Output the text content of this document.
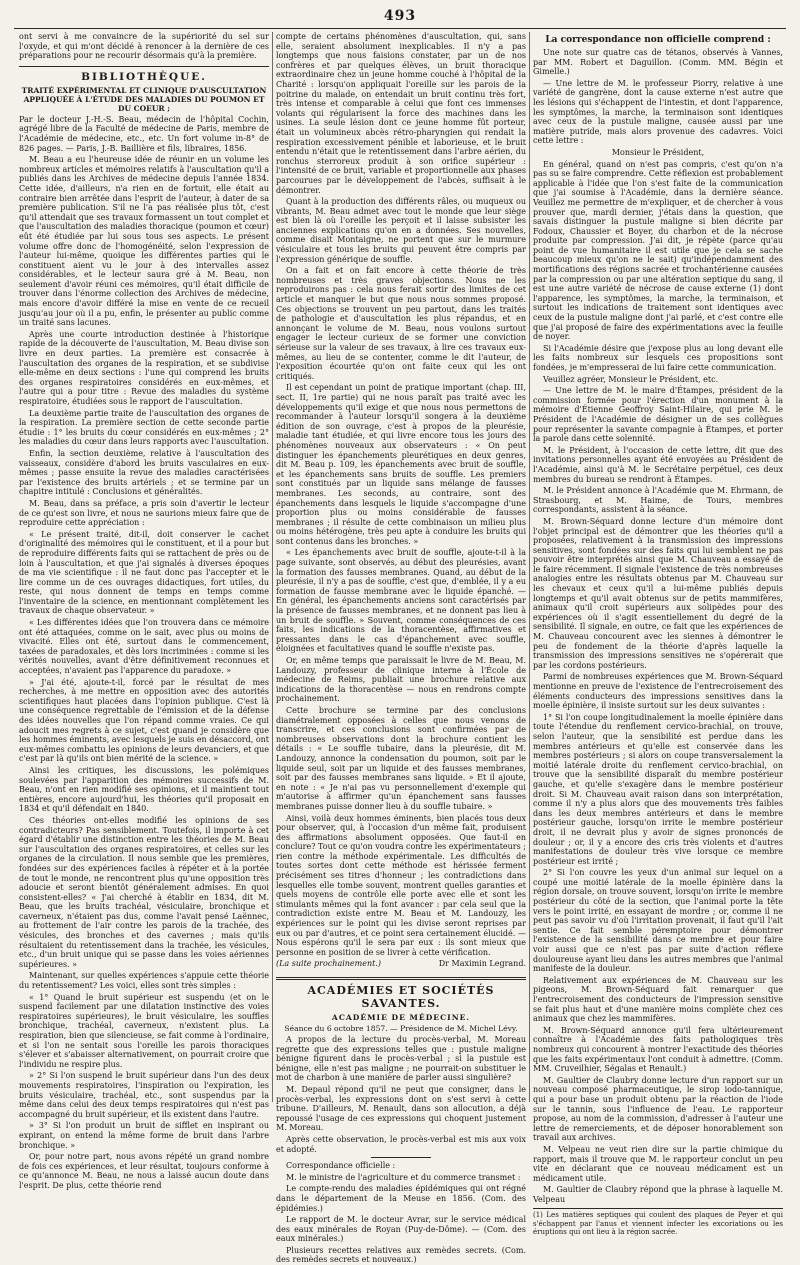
493

ont servi à me convaincre de la supériorité du sel sur l'oxyde, et qui m'ont décidé à renoncer à la dernière de ces préparations pour ne recourir désormais qu'à la première.

BIBLIOTHÈQUE.
TRAITÉ EXPÉRIMENTAL ET CLINIQUE D'AUSCULTATION APPLIQUÉE À L'ÉTUDE DES MALADIES DU POUMON ET DU COEUR ;

Par le docteur J.-H.-S. Beau, médecin de l'hôpital Cochin, agrégé libre de la Faculté de médecine de Paris, membre de l'Académie de médecine, etc., etc. Un fort volume in-8° de 826 pages. — Paris, J.-B. Baillière et fils, libraires, 1856.

M. Beau a eu l'heureuse idée de réunir en un volume les nombreux articles et mémoires relatifs à l'auscultation qu'il a publiés dans les Archives de médecine depuis l'année 1834. Cette idée, d'ailleurs, n'a rien en de fortuit, elle était au contraire bien arrêtée dans l'esprit de l'auteur, à dater de sa première publication. S'il ne l'a pas réalisée plus tôt, c'est qu'il attendait que ses travaux formassent un tout complet et que l'auscultation des maladies thoracique (poumon et cœur) eût été étudiée par lui sous tous ses aspects. Le présent volume offre donc de l'homogénéité, selon l'expression de l'auteur lui-même, quoique les différentes parties qui le constituent aient vu le jour à des intervalles assez considérables, et le lecteur saura gré à M. Beau, non seulement d'avoir réuni ces mémoires, qu'il était difficile de trouver dans l'énorme collection des Archives de médecine, mais encore d'avoir différé la mise en vente de ce recueil jusqu'au jour où il a pu, enfin, le présenter au public comme un traité sans lacunes.

Après une courte introduction destinée à l'historique rapide de la découverte de l'auscultation, M. Beau divise son livre en deux parties. La première est consacrée à l'auscultation des organes de la respiration, et se subdivise elle-même en deux sections : l'une qui comprend les bruits des organes respiratoires considérés en eux-mêmes, et l'autre qui a pour titre : Revue des maladies du système respiratoire, étudiées sous le rapport de l'auscultation.

La deuxième partie traite de l'auscultation des organes de la respiration. La première section de cette seconde partie étudie : 1° les bruits du cœur considérés en eux-mêmes ; 2° les maladies du cœur dans leurs rapports avec l'auscultation.

Enfin, la section deuxième, relative à l'auscultation des vaisseaux, considère d'abord les bruits vasculaires en eux-mêmes ; passe ensuite la revue des maladies caractérisées par l'existence des bruits artériels ; et se termine par un chapitre intitulé : Conclusions et généralités.

M. Beau, dans sa préface, a pris soin d'avertir le lecteur de ce qu'est son livre, et nous ne saurions mieux faire que de reproduire cette appréciation :

« Le présent traité, dit-il, doit conserver le cachet d'originalité des mémoires qui le constituent, et il a pour but de reproduire différents faits qui se rattachent de près ou de loin à l'auscultation, et que j'ai signalés à diverses époques de ma vie scientifique : il ne faut donc pas l'accepter et le lire comme un de ces ouvrages didactiques, fort utiles, du reste, qui nous donnent de temps en temps comme l'inventaire de la science, en mentionnant complètement les travaux de chaque observateur. »

« Les différentes idées que l'on trouvera dans ce mémoire ont été attaquées, comme on le sait, avec plus ou moins de vivacité. Elles ont été, surtout dans le commencement, taxées de paradoxales, et dès lors incriminées : comme si les vérités nouvelles, avant d'être définitivement reconnues et acceptées, n'avaient pas l'apparence du paradoxe. »

» J'ai été, ajoute-t-il, forcé par le résultat de mes recherches, à me mettre en opposition avec des autorités scientifiques haut placées dans l'opinion publique. C'est là une conséquence regrettable de l'émission et de la défense des idées nouvelles que l'on répand comme vraies. Ce qui adoucit mes regrets à ce sujet, c'est quand je considère que les hommes éminents, avec lesquels je suis en désaccord, ont eux-mêmes combattu les opinions de leurs devanciers, et que c'est par là qu'ils ont bien mérité de la science. »

Ainsi les critiques, les discussions, les polémiques soulevées par l'apparition des mémoires successifs de M. Beau, n'ont en rien modifié ses opinions, et il maintient tout entières, encore aujourd'hui, les théories qu'il proposait en 1834 et qu'il défendait en 1840.

Ces théories ont-elles modifié les opinions de ses contradicteurs? Pas sensiblement. Toutefois, il importe à cet égard d'établir une distinction entre les théories de M. Beau sur l'auscultation des organes respiratoires, et celles sur les organes de la circulation. Il nous semble que les premières, fondées sur des expériences faciles à répéter et à la portée de tout le monde, ne rencontrent plus qu'une opposition très adoucie et seront bientôt généralement admises. En quoi consistent-elles? « J'ai cherché à établir en 1834, dit M. Beau, que les bruits trachéal, vésiculaire, bronchique et caverneux, n'étaient pas dus, comme l'avait pensé Laënnec, au frottement de l'air contre les parois de la trachée, des vésicules, des bronches et des cavernes ; mais qu'ils résultaient du retentissement dans la trachée, les vésicules, etc., d'un bruit unique qui se passe dans les voies aériennes supérieures. »

Maintenant, sur quelles expériences s'appuie cette théorie du retentissement? Les voici, elles sont très simples :

« 1° Quand le bruit supérieur est suspendu (et on le suspend facilement par une dilatation instinctive des voies respiratoires supérieures), le bruit vésiculaire, les souffles bronchique, trachéal, caverneux, n'existent plus. La respiration, bien que silencieuse, se fait comme à l'ordinaire, et si l'on ne sentait sous l'oreille les parois thoraciques s'élever et s'abaisser alternativement, on pourrait croire que l'individu ne respire plus.

» 2° Si l'on suspend le bruit supérieur dans l'un des deux mouvements respiratoires, l'inspiration ou l'expiration, les bruits vésiculaire, trachéal, etc., sont suspendus par la même dans celui des deux temps respiratoires qui n'est pas accompagné du bruit supérieur, et ils existent dans l'autre.

» 3° Si l'on produit un bruit de sifflet en inspirant ou expirant, on entend la même forme de bruit dans l'arbre bronchique. »

Or, pour notre part, nous avons répété un grand nombre de fois ces expériences, et leur résultat, toujours conforme à ce qu'annonce M. Beau, ne nous a laissé aucun doute dans l'esprit. De plus, cette théorie rend

compte de certains phénomènes d'auscultation, qui, sans elle, seraient absolument inexplicables. Il n'y a pas longtemps que nous faisions constater, par un de nos confrères et par quelques élèves, un bruit thoracique extraordinaire chez un jeune homme couché à l'hôpital de la Charité : lorsqu'on appliquait l'oreille sur les parois de la poitrine du malade, on entendait un bruit continu très fort, très intense et comparable à celui que font ces immenses volants qui régularisent la force des machines dans les usines. La seule lésion dont ce jeune homme fût porteur, était un volumineux abcès rétro-pharyngien qui rendait la respiration excessivement pénible et laborieuse, et le bruit entendu n'était que le retentissement dans l'arbre aérien, du ronchus sterroreux produit à son orifice supérieur : l'intensité de ce bruit, variable et proportionnelle aux phases parcourues par le développement de l'abcès, suffisait à le démontrer.

Quant à la production des différents râles, ou muqueux ou vibrants, M. Beau admet avec tout le monde que leur siège est bien là où l'oreille les perçoit et il laisse subsister les anciennes explications qu'on en a données. Ses nouvelles, comme disait Montaigne, ne portent que sur le murmure vésiculaire et tous les bruits qui peuvent être compris par l'expression générique de souffle.

On a fait et on fait encore à cette théorie de très nombreuses et très graves objections. Nous ne les reproduirons pas : cela nous ferait sortir des limites de cet article et manquer le but que nous nous sommes proposé. Ces objections se trouvent un peu partout, dans les traités de pathologie et d'auscultation les plus répandus, et en annonçant le volume de M. Beau, nous voulons surtout engager le lecteur curieux de se former une conviction sérieuse sur la valeur de ses travaux, à lire ces travaux eux-mêmes, au lieu de se contenter, comme le dit l'auteur, de l'exposition écourtée qu'on ont faite ceux qui les ont critiqués.

Il est cependant un point de pratique important (chap. III, sect. II, 1re partie) qui ne nous paraît pas traité avec les développements qu'il exige et que nous nous permettons de recommander à l'auteur lorsqu'il songera à la deuxième édition de son ouvrage, c'est à propos de la pleurésie, maladie tant étudiée, et qui livre encore tous les jours des phénomènes nouveaux aux observateurs : « On peut distinguer les épanchements pleurétiques en deux genres, dit M. Beau p. 109, les épanchements avec bruit de souffle, et les épanchements sans bruits de souffle. Les premiers sont constitués par un liquide sans mélange de fausses membranes. Les seconds, au contraire, sont des épanchements dans lesquels le liquide s'accompagne d'une proportion plus ou moins considérable de fausses membranes ; il résulte de cette combinaison un milieu plus ou moins hétérogène, très peu apte à conduire les bruits qui sont contenus dans les bronches. »

« Les épanchements avec bruit de souffle, ajoute-t-il à la page suivante, sont observés, au début des pleurésies, avant la formation des fausses membranes. Quand, au début de la pleurésie, il n'y a pas de souffle, c'est que, d'emblée, il y a eu formation de fausse membrane avec le liquide épanché. — En général, les épanchements anciens sont caractérisés par la présence de fausses membranes, et ne donnent pas lieu à un bruit de souffle. » Souvent, comme conséquences de ces faits, les indications de la thoracentèse, affirmatives et pressantes dans le cas d'épanchement avec souffle, éloignées et facultatives quand le souffle n'existe pas.

Or, en même temps que paraissait le livre de M. Beau, M. Landouzy, professeur de clinique interne à l'École de médecine de Reims, publiait une brochure relative aux indications de la thoracentèse — nous en rendrons compte prochainement.

Cette brochure se termine par des conclusions diamétralement opposées à celles que nous venons de transcrire, et ces conclusions sont confirmées par de nombreuses observations dont la brochure contient les détails : « Le souffle tubaire, dans la pleurésie, dit M. Landouzy, annonce la condensation du poumon, soit par le liquide seul, soit par un liquide et des fausses membranes, soit par des fausses membranes sans liquide. » Et il ajoute, en note : « Je n'ai pas vu personnellement d'exemple qui m'autorise à affirmer qu'un épanchement sans fausses membranes puisse donner lieu à du souffle tubaire. »

Ainsi, voilà deux hommes éminents, bien placés tous deux pour observer, qui, à l'occasion d'un même fait, produisent des affirmations absolument opposées. Que faut-il en conclure? Tout ce qu'on voudra contre les expérimentateurs ; rien contre la méthode expérimentale. Les difficultés de toutes sortes dont cette méthode est hérissée ferment précisément ses titres d'honneur ; les contradictions dans lesquelles elle tombe souvent, montrent quelles garanties et quels moyens de contrôle elle porte avec elle et sont les stimulants mêmes qui la font avancer : par cela seul que la contradiction existe entre M. Beau et M. Landouzy, les expériences sur le point qui les divise seront reprises par eux ou par d'autres, et ce point sera certainement élucidé. — Nous espérons qu'il le sera par eux : ils sont mieux que personne en position de se livrer à cette vérification.

(La suite prochainement.)	Dr Maximin Legrand.

ACADÉMIES ET SOCIÉTÉS SAVANTES.
ACADÉMIE DE MÉDECINE.
Séance du 6 octobre 1857. — Présidence de M. Michel Lévy.

A propos de la lecture du procès-verbal, M. Moreau regrette que des expressions telles que : pustule maligne bénigne figurent dans le procès-verbal ; si la pustule est bénigne, elle n'est pas maligne ; ne pourrait-on substituer le mot de charbon à une manière de parler aussi singulière?

M. Depaul répond qu'il ne peut que consigner, dans le procès-verbal, les expressions dont on s'est servi à cette tribune. D'ailleurs, M. Renault, dans son allocution, a déjà repoussé l'usage de ces expressions qui choquent justement M. Moreau.

Après cette observation, le procès-verbal est mis aux voix et adopté.

Correspondance officielle :

M. le ministre de l'agriculture et du commerce transmet :

Le compte-rendu des maladies épidémiques qui ont régné dans le département de la Meuse en 1856. (Com. des épidémies.)

Le rapport de M. le docteur Avrar, sur le service médical des eaux minérales de Royan (Puy-de-Dôme). — (Com. des eaux minérales.)

Plusieurs recettes relatives aux remèdes secrets. (Com. des remèdes secrets et nouveaux.)

La correspondance non officielle comprend :

Une note sur quatre cas de tétanos, observés à Vannes, par MM. Robert et Daguillon. (Comm. MM. Bégin et Gimelle.)

— Une lettre de M. le professeur Piorry, relative à une variété de gangrène, dont la cause externe n'est autre que les lésions qui s'échappent de l'intestin, et dont l'apparence, les symptômes, la marche, la terminaison sont identiques avec ceux de la pustule maligne, causée aussi par une matière putride, mais alors provenue des cadavres. Voici cette lettre :

Monsieur le Président,

En général, quand on n'est pas compris, c'est qu'on n'a pas su se faire comprendre. Cette réflexion est probablement applicable à l'idée que l'on s'est faite de la communication que j'ai soumise à l'Académie, dans la dernière séance. Veuillez me permettre de m'expliquer, et de chercher à vous prouver que, mardi dernier, j'étais dans la question, que savais distinguer la pustule maligne si bien décrite par Fodoux, Chaussier et Boyer, du charbon et de la nécrose produite par compression. J'ai dit, je répète (parce qu'au point de vue humanitaire il est utile que je cela se sache beaucoup mieux qu'on ne le sait) qu'indépendamment des mortifications des régions sacrée et trochantérienne causées par la compression ou par une altération septique du sang, il est une autre variété de nécrose de cause externe (1) dont l'apparence, les symptômes, la marche, la terminaison, et surtout les indications de traitement sont identiques avec ceux de la pustule maligne dont j'ai parlé, et c'est contre elle que j'ai proposé de faire des expérimentations avec la feuille de noyer.

Si l'Académie désire que j'expose plus au long devant elle les faits nombreux sur lesquels ces propositions sont fondées, je m'empresserai de lui faire cette communication.

Veuillez agréer, Monsieur le Président, etc.

— Une lettre de M. le maire d'Étampes, président de la commission formée pour l'érection d'un monument à la mémoire d'Étienne Geoffroy Saint-Hilaire, qui prie M. le Président de l'Académie de désigner un de ses collègues pour représenter la savante compagnie à Étampes, et porter la parole dans cette solennité.

M. le Président, à l'occasion de cette lettre, dit que des invitations personnelles ayant été envoyées au Président de l'Académie, ainsi qu'à M. le Secrétaire perpétuel, ces deux membres du bureau se rendront à Étampes.

M. le Président annonce à l'Académie que M. Ehrmann, de Strasbourg, et M. Haime, de Tours, membres correspondants, assistent à la séance.

M. Brown-Séquard donne lecture d'un mémoire dont l'objet principal est de démontrer que les théories qu'il a proposées, relativement à la transmission des impressions sensitives, sont fondées sur des faits qui lui semblent ne pas pouvoir être interprétés ainsi que M. Chauveau a essayé de le faire récemment. Il signale l'existence de très nombreuses analogies entre les résultats obtenus par M. Chauveau sur les chevaux et ceux qu'il a lui-même publiés depuis longtemps et qu'il avait obtenus sur de petits mammifères, animaux qu'il croit supérieurs aux solipèdes pour des expériences où il s'agit essentiellement du degré de la sensibilité. Il signale, en outre, ce fait que les expériences de M. Chauveau concourent avec les siennes à démontrer le peu de fondement de la théorie d'après laquelle la transmission des impressions sensitives ne s'opérerait que par les cordons postérieurs.

Parmi de nombreuses expériences que M. Brown-Séquard mentionne en preuve de l'existence de l'entrecroisement des éléments conducteurs des impressions sensitives dans la moelle épinière, il insiste surtout sur les deux suivantes :

1° Si l'on coupe longitudinalement la moelle épinière dans toute l'étendue du renflement cervico-brachial, on trouve, selon l'auteur, que la sensibilité est perdue dans les membres antérieurs et qu'elle est conservée dans les membres postérieurs ; si alors on coupe transversalement la moitié latérale droite du renflement cervico-brachial, on trouve que la sensibilité disparaît du membre postérieur gauche, et qu'elle s'exagère dans le membre postérieur droit. Si M. Chauveau avait raison dans son interprétation, comme il n'y a plus alors que des mouvements très faibles dans les deux membres antérieurs et dans le membre postérieur gauche, lorsqu'on irrite le membre postérieur droit, il ne devrait plus y avoir de signes prononcés de douleur ; or, il y a encore des cris très violents et d'autres manifestations de douleur très vive lorsque ce membre postérieur est irrité ;

2° Si l'on couvre les yeux d'un animal sur lequel on a coupé une moitié latérale de la moelle épinière dans la région dorsale, on trouve souvent, lorsqu'on irrite le membre postérieur du côté de la section, que l'animal porte la tête vers le point irrité, en essayant de mordre ; or, comme il ne peut pas savoir vu d'où l'irritation provenait, il faut qu'il l'ait sentie. Ce fait semble péremptoire pour démontrer l'existence de la sensibilité dans ce membre et pour faire voir aussi que ce n'est pas par suite d'action réflexe douloureuse ayant lieu dans les autres membres que l'animal manifeste de la douleur.

Relativement aux expériences de M. Chauveau sur les pigeons, M. Brown-Séquard fait remarquer que l'entrecroisement des conducteurs de l'impression sensitive se fait plus haut et d'une manière moins complète chez ces animaux que chez les mammifères.

M. Brown-Séquard annonce qu'il fera ultérieurement connaître à l'Académie des faits pathologiques très nombreux qui concourent à montrer l'exactitude des théories que les faits expérimentaux l'ont conduit à admettre. (Comm. MM. Cruveilhier, Ségalas et Renault.)

M. Gaultier de Claubry donne lecture d'un rapport sur un nouveau composé pharmaceutique, le sirop iodo-tannique, qui a pour base un produit obtenu par la réaction de l'iode sur le tannin, sous l'influence de l'eau. Le rapporteur propose, au nom de la commission, d'adresser à l'auteur une lettre de remerciements, et de déposer honorablement son travail aux archives.

M. Velpeau ne veut rien dire sur la partie chimique du rapport, mais il trouve que M. le rapporteur conclut un peu vite en déclarant que ce nouveau médicament est un médicament utile.

M. Gaultier de Claubry répond que la phrase à laquelle M. Velpeau

(1) Les matières septiques qui coulent des plaques de Peyer et qui s'échappent par l'anus et viennent infecter les excoriations ou les éruptions qui ont lieu à la région sacrée.
